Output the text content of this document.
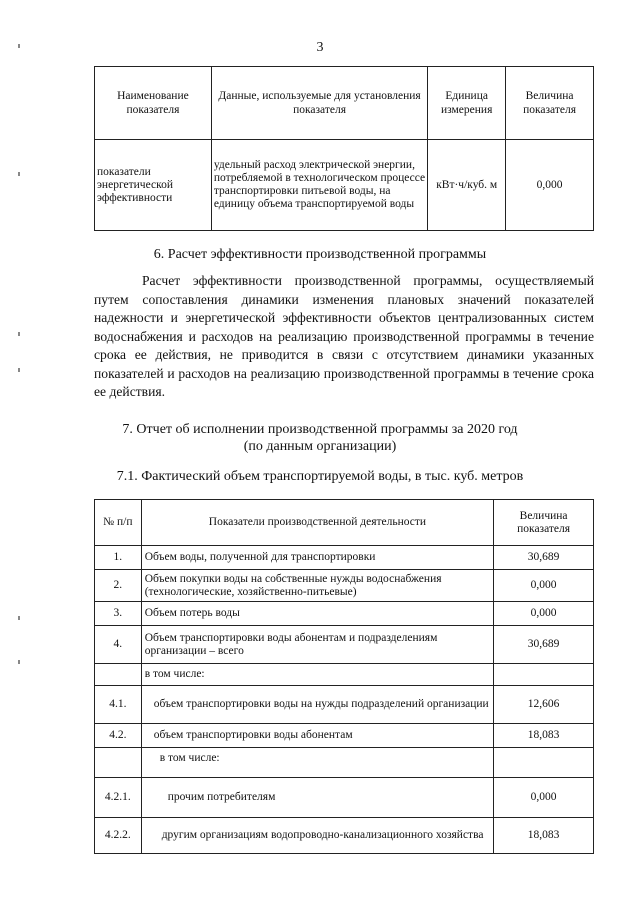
3
Наименование показателя	Данные, используемые для установления показателя	Единица измерения	Величина показателя
показатели энергетической эффективности	удельный расход электрической энергии, потребляемой в технологическом процессе транспортировки питьевой воды, на единицу объема транспортируемой воды	кВт·ч/куб. м	0,000
6. Расчет эффективности производственной программы

Расчет эффективности производственной программы, осуществляемый путем сопоставления динамики изменения плановых значений показателей надежности и энергетической эффективности объектов централизованных систем водоснабжения и расходов на реализацию производственной программы в течение срока ее действия, не приводится в связи с отсутствием динамики указанных показателей и расходов на реализацию производственной программы в течение срока ее действия.

7. Отчет об исполнении производственной программы за 2020 год
(по данным организации)
7.1. Фактический объем транспортируемой воды, в тыс. куб. метров
№ п/п	Показатели производственной деятельности	Величина показателя
1.	Объем воды, полученной для транспортировки	30,689
2.	Объем покупки воды на собственные нужды водоснабжения (технологические, хозяйственно-питьевые)	0,000
3.	Объем потерь воды	0,000
4.	Объем транспортировки воды абонентам и подразделениям организации – всего	30,689
	в том числе:	
4.1.	объем транспортировки воды на нужды подразделений организации	12,606
4.2.	объем транспортировки воды абонентам	18,083
	в том числе:	
4.2.1.	прочим потребителям	0,000
4.2.2.	другим организациям водопроводно-канализационного хозяйства	18,083
